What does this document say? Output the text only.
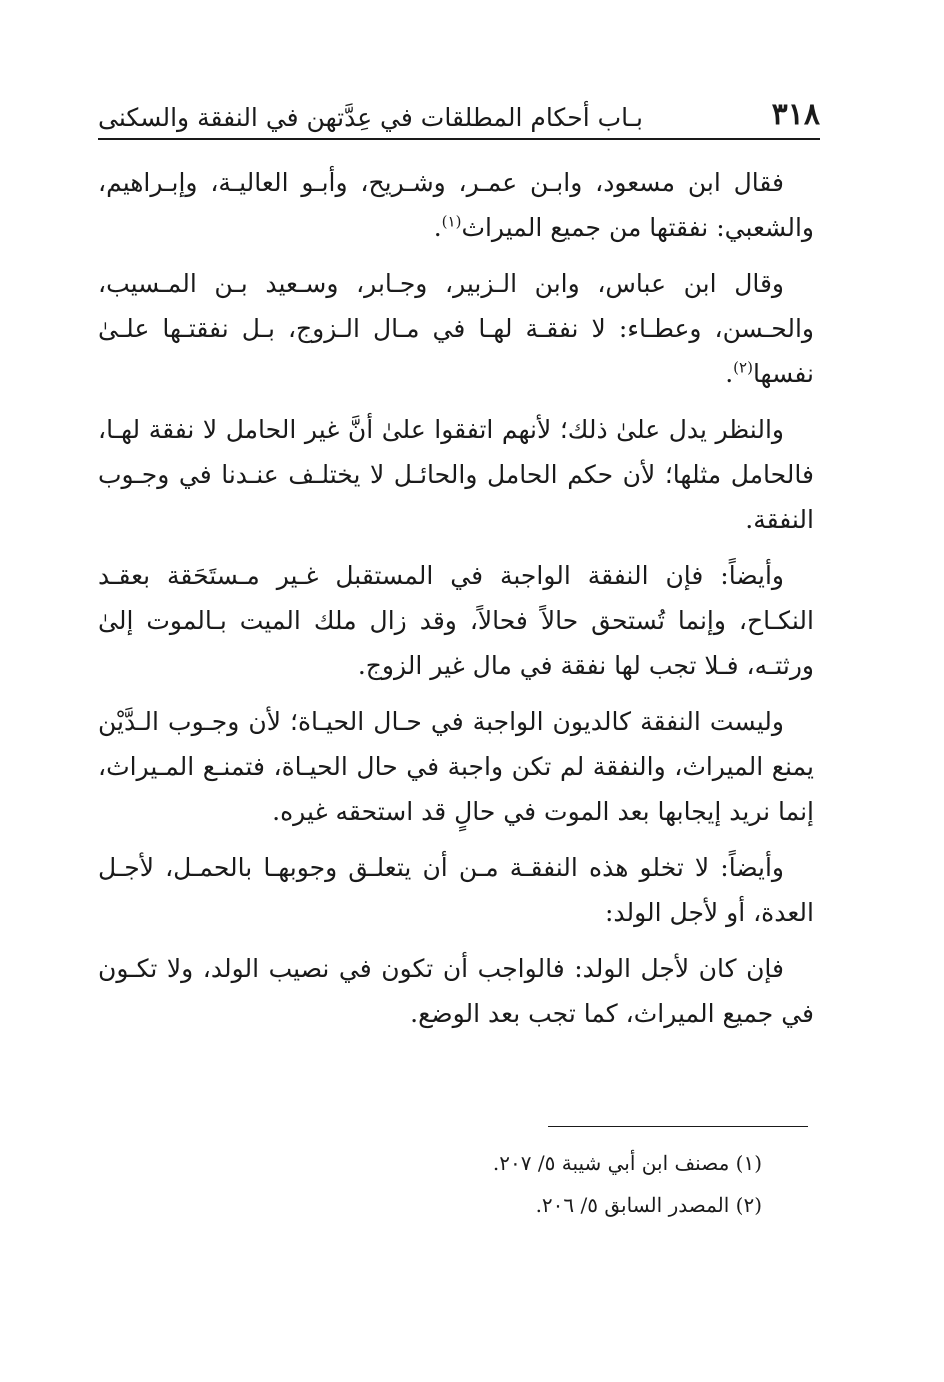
٣١٨
بـاب أحكام المطلقات في عِدَّتهن في النفقة والسكنى

فقال ابن مسعود، وابـن عمـر، وشـريح، وأبـو العاليـة، وإبـراهيم، والشعبي: نفقتها من جميع الميراث$^{(١)}$.

وقال ابن عباس، وابن الـزبير، وجـابر، وسـعيد بـن المـسيب، والحـسن، وعطـاء: لا نفقـة لهـا في مـال الـزوج، بـل نفقتـها علـىٰ نفسها$^{(٢)}$.

والنظر يدل علىٰ ذلك؛ لأنهم اتفقوا علىٰ أنَّ غير الحامل لا نفقة لهـا، فالحامل مثلها؛ لأن حكم الحامل والحائـل لا يختلـف عنـدنا في وجـوب النفقة.

وأيضاً: فإن النفقة الواجبة في المستقبل غـير مـستَحَقة بعقـد النكـاح، وإنما تُستحق حالاً فحالاً، وقد زال ملك الميت بـالموت إلىٰ ورثتـه، فـلا تجب لها نفقة في مال غير الزوج.

وليست النفقة كالديون الواجبة في حـال الحيـاة؛ لأن وجـوب الـدَّيْن يمنع الميراث، والنفقة لم تكن واجبة في حال الحيـاة، فتمنـع المـيراث، إنما نريد إيجابها بعد الموت في حالٍ قد استحقه غيره.

وأيضاً: لا تخلو هذه النفقـة مـن أن يتعلـق وجوبهـا بالحمـل، لأجـل العدة، أو لأجل الولد:

فإن كان لأجل الولد: فالواجب أن تكون في نصيب الولد، ولا تكـون في جميع الميراث، كما تجب بعد الوضع.

(١) مصنف ابن أبي شيبة ٥/ ٢٠٧.
(٢) المصدر السابق ٥/ ٢٠٦.
